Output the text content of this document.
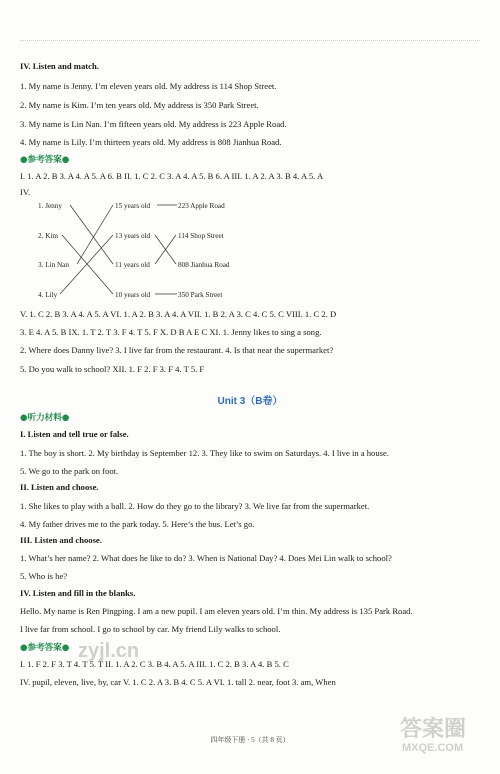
IV. Listen and match.
1. My name is Jenny. I’m eleven years old. My address is 114 Shop Street.
2. My name is Kim. I’m ten years old. My address is 350 Park Street.
3. My name is Lin Nan. I’m fifteen years old. My address is 223 Apple Road.
4. My name is Lily. I’m thirteen years old. My address is 808 Jianhua Road.
●参考答案●
I. 1. A 2. B 3. A 4. A 5. A 6. B II. 1. C 2. C 3. A 4. A 5. B 6. A III. 1. A 2. A 3. B 4. A 5. A
IV.
1. Jenny
2. Kim
3. Lin Nan
4. Lily
15 years old
13 years old
11 years old
10 years old
223 Apple Road
114 Shop Street
808 Jianhua Road
350 Park Street
V. 1. C 2. B 3. A 4. A 5. A VI. 1. A 2. B 3. A 4. A VII. 1. B 2. A 3. C 4. C 5. C VIII. 1. C 2. D
3. E 4. A 5. B IX. 1. T 2. T 3. F 4. T 5. F X. D B A E C XI. 1. Jenny likes to sing a song.
2. Where does Danny live? 3. I live far from the restaurant. 4. Is that near the supermarket?
5. Do you walk to school? XII. 1. F 2. F 3. F 4. T 5. F
Unit 3（B卷）
●听力材料●
I. Listen and tell true or false.
1. The boy is short. 2. My birthday is September 12. 3. They like to swim on Saturdays. 4. I live in a house.
5. We go to the park on foot.
II. Listen and choose.
1. She likes to play with a ball. 2. How do they go to the library? 3. We live far from the supermarket.
4. My father drives me to the park today. 5. Here’s the bus. Let’s go.
III. Listen and choose.
1. What’s her name? 2. What does he like to do? 3. When is National Day? 4. Does Mei Lin walk to school?
5. Who is he?
IV. Listen and fill in the blanks.
Hello. My name is Ren Pingping. I am a new pupil. I am eleven years old. I’m thin. My address is 135 Park Road.
I live far from school. I go to school by car. My friend Lily walks to school.
●参考答案●
I. 1. F 2. F 3. T 4. T 5. T II. 1. A 2. C 3. B 4. A 5. A III. 1. C 2. B 3. A 4. B 5. C
IV. pupil, eleven, live, by, car V. 1. C 2. A 3. B 4. C 5. A VI. 1. tall 2. near, foot 3. am, When
四年级下册 · 5（共 8 页）
zyjl.cn
答案圈
MXQE.COM
